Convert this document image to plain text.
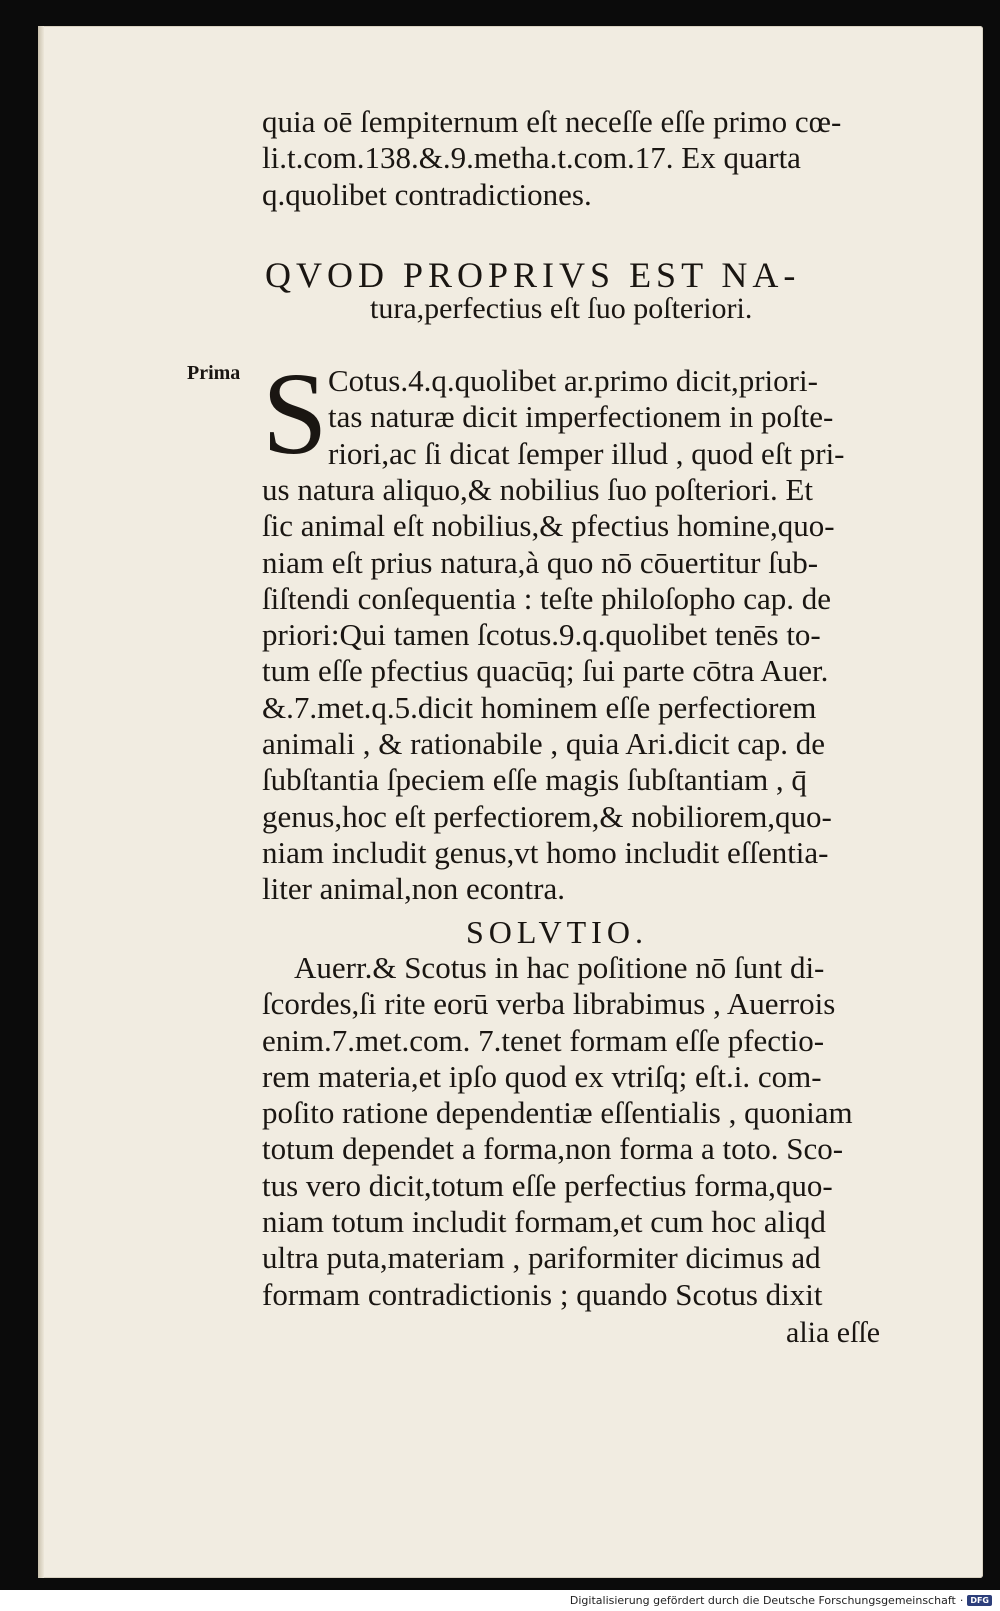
quia oē ſempiternum eſt neceſſe eſſe primo cœ-
li.t.com.138.&.9.metha.t.com.17. Ex quarta
q.quolibet contradictiones.
QVOD PROPRIVS EST NA-
tura,perfectius eſt ſuo poſteriori.
Prima S Cotus.4.q.quolibet ar.primo dicit,priori-
tas naturæ dicit imperfectionem in poſte-
riori,ac ſi dicat ſemper illud , quod eſt pri-
us natura aliquo,& nobilius ſuo poſteriori. Et
ſic animal eſt nobilius,& pfectius homine,quo-
niam eſt prius natura,à quo nō cōuertitur ſub-
ſiſtendi conſequentia : teſte philoſopho cap. de
priori:Qui tamen ſcotus.9.q.quolibet tenēs to-
tum eſſe pfectius quacūq; ſui parte cōtra Auer.
&.7.met.q.5.dicit hominem eſſe perfectiorem
animali , & rationabile , quia Ari.dicit cap. de
ſubſtantia ſpeciem eſſe magis ſubſtantiam , q̄
genus,hoc eſt perfectiorem,& nobiliorem,quo-
niam includit genus,vt homo includit eſſentia-
liter animal,non econtra.
SOLVTIO.
Auerr.& Scotus in hac poſitione nō ſunt di-
ſcordes,ſi rite eorū verba librabimus , Auerrois
enim.7.met.com. 7.tenet formam eſſe pfectio-
rem materia,et ipſo quod ex vtriſq; eſt.i. com-
poſito ratione dependentiæ eſſentialis , quoniam
totum dependet a forma,non forma a toto. Sco-
tus vero dicit,totum eſſe perfectius forma,quo-
niam totum includit formam,et cum hoc aliqd
ultra puta,materiam , pariformiter dicimus ad
formam contradictionis ; quando Scotus dixit
alia eſſe
Digitalisierung gefördert durch die Deutsche Forschungsgemeinschaft · DFG
